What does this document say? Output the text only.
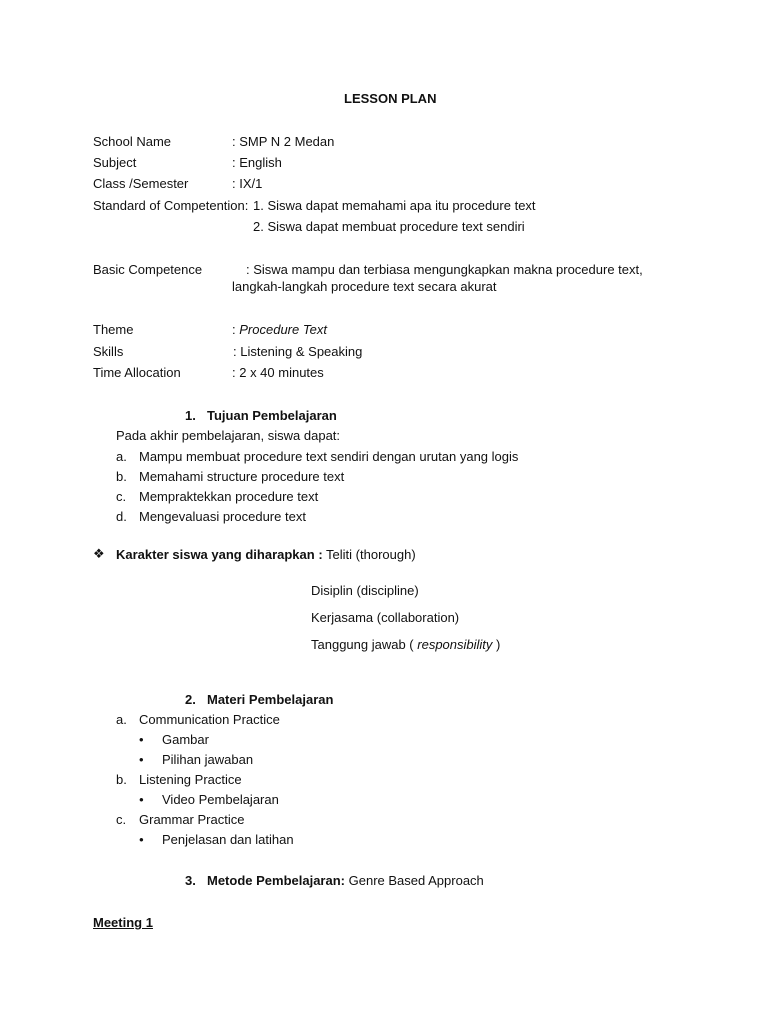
LESSON PLAN
School Name	: SMP N 2 Medan
Subject	: English
Class /Semester	: IX/1
Standard of Competention: 1. Siswa dapat memahami apa itu procedure text
2. Siswa dapat membuat procedure text sendiri
Basic Competence	: Siswa mampu dan terbiasa mengungkapkan makna procedure text,
langkah-langkah procedure text secara akurat
Theme	: Procedure Text
Skills	: Listening & Speaking
Time Allocation	: 2 x 40 minutes
1. Tujuan Pembelajaran
Pada akhir pembelajaran, siswa dapat:
a. Mampu membuat procedure text sendiri dengan urutan yang logis
b. Memahami structure procedure text
c. Mempraktekkan procedure text
d. Mengevaluasi procedure text
❖ Karakter siswa yang diharapkan : Teliti (thorough)
Disiplin (discipline)
Kerjasama (collaboration)
Tanggung jawab ( responsibility )
2. Materi Pembelajaran
a. Communication Practice
• Gambar
• Pilihan jawaban
b. Listening Practice
• Video Pembelajaran
c. Grammar Practice
• Penjelasan dan latihan
3. Metode Pembelajaran: Genre Based Approach
Meeting 1
